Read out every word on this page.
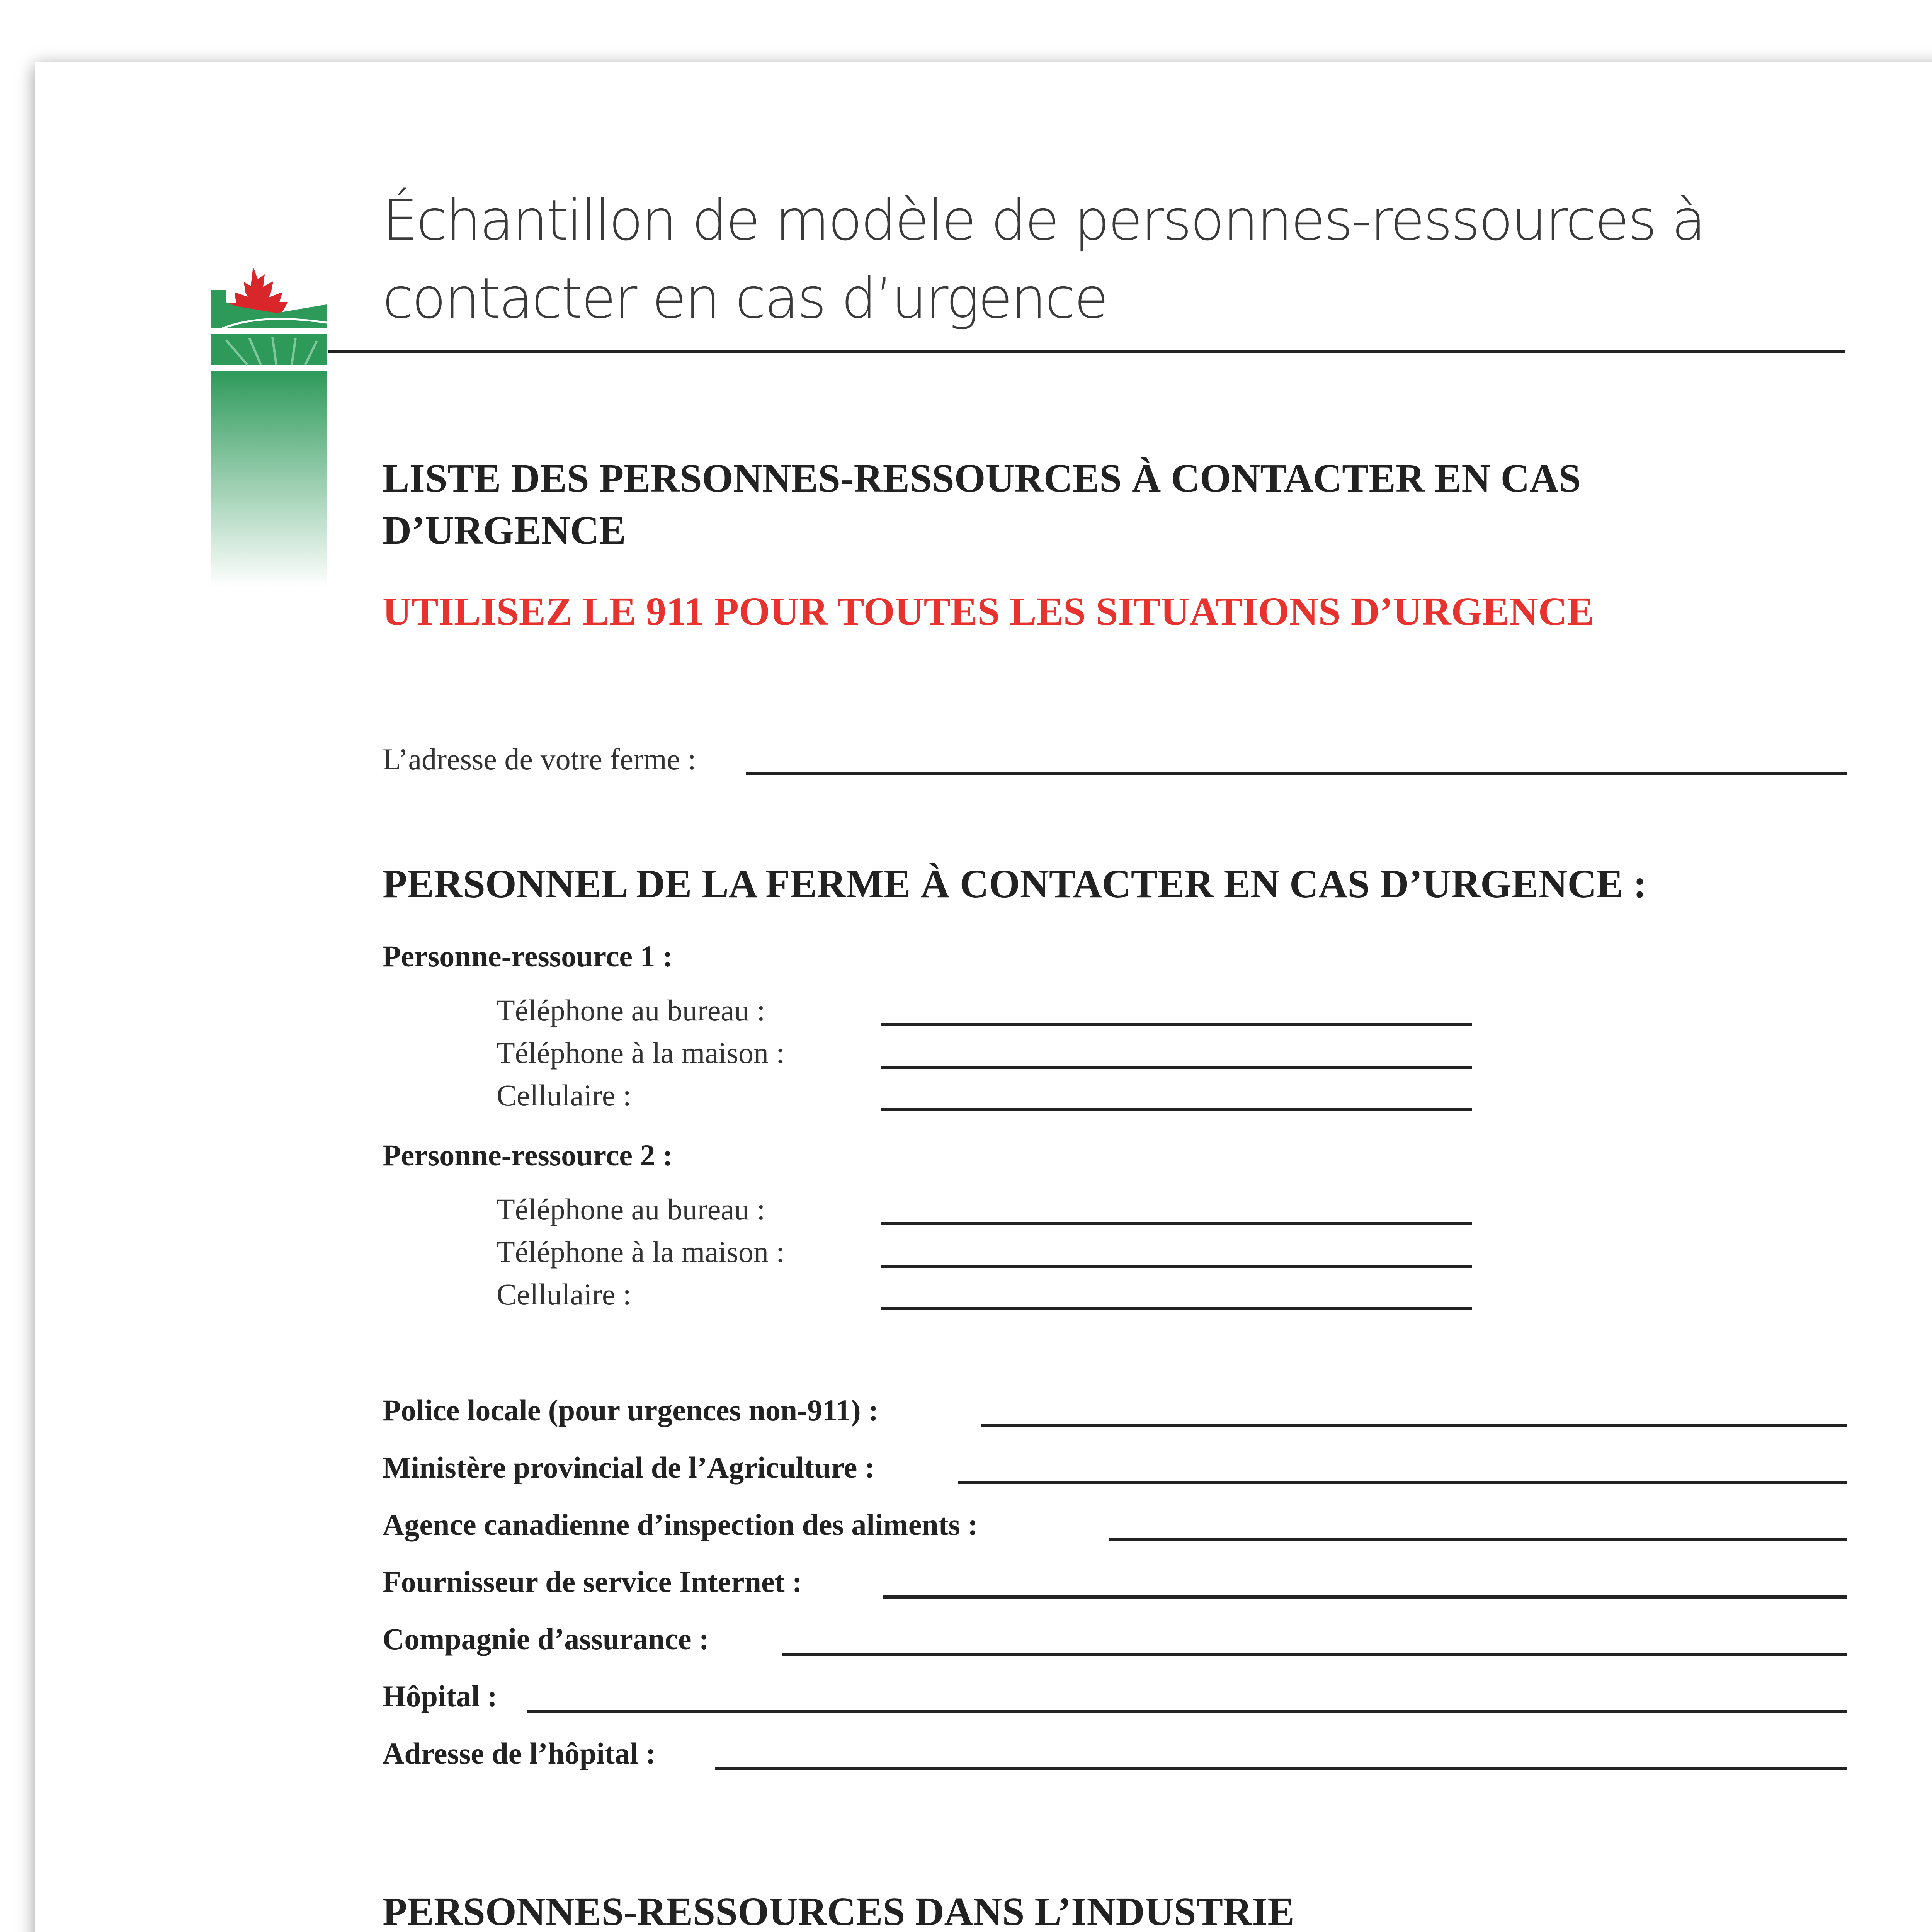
Échantillon de modèle de personnes-ressources à
contacter en cas d’urgence
LISTE DES PERSONNES-RESSOURCES À CONTACTER EN CAS
D’URGENCE
UTILISEZ LE 911 POUR TOUTES LES SITUATIONS D’URGENCE
L’adresse de votre ferme :
PERSONNEL DE LA FERME À CONTACTER EN CAS D’URGENCE :
Personne-ressource 1 :
Téléphone au bureau :
Téléphone à la maison :
Cellulaire :
Personne-ressource 2 :
Téléphone au bureau :
Téléphone à la maison :
Cellulaire :
Police locale (pour urgences non-911) :
Ministère provincial de l’Agriculture :
Agence canadienne d’inspection des aliments :
Fournisseur de service Internet :
Compagnie d’assurance :
Hôpital :
Adresse de l’hôpital :
PERSONNES-RESSOURCES DANS L’INDUSTRIE
